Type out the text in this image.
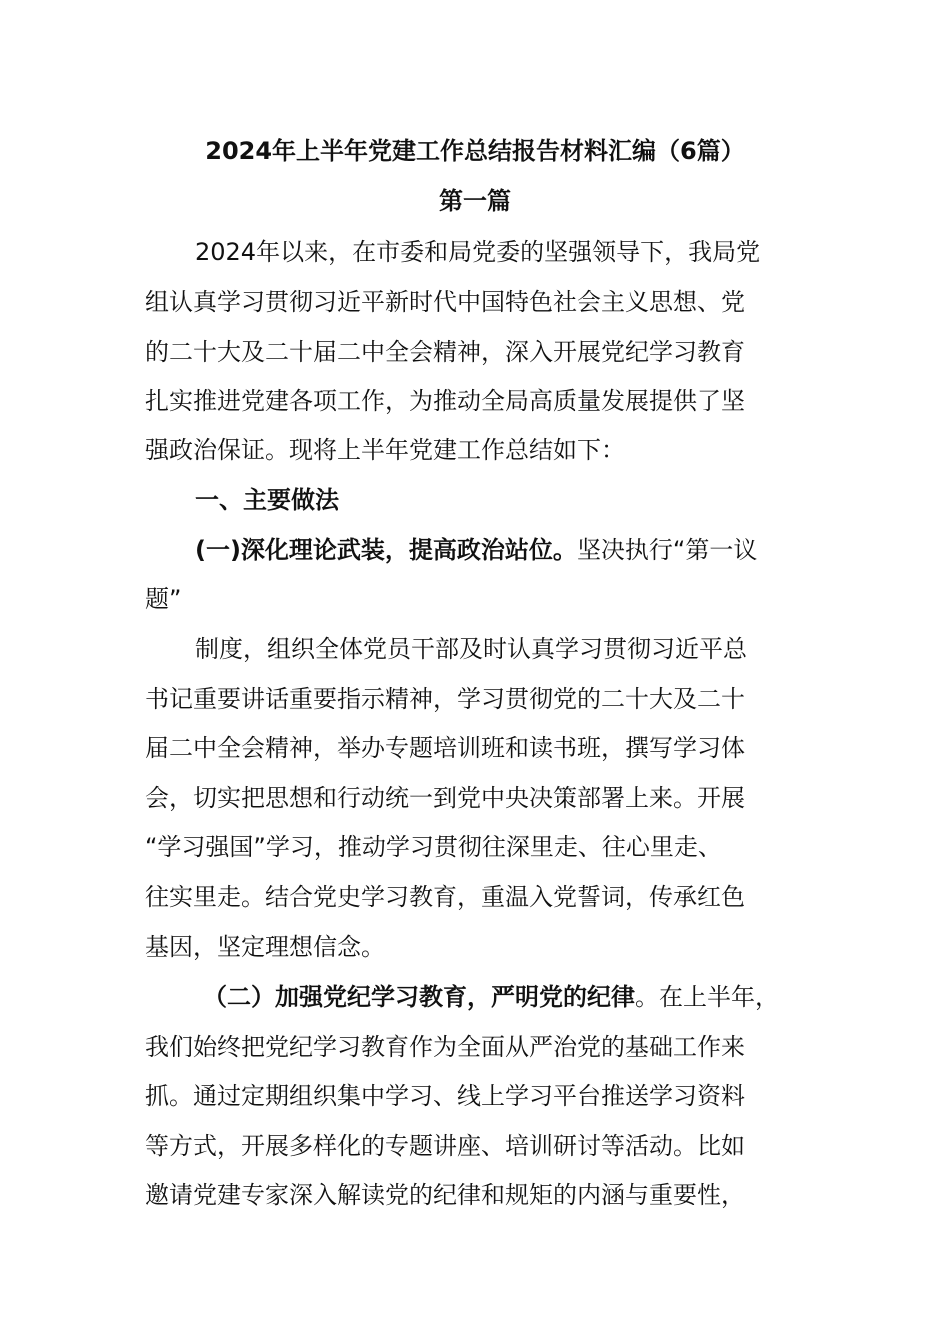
2024年上半年党建工作总结报告材料汇编（6篇）
第一篇
2024年以来，在市委和局党委的坚强领导下，我局党
组认真学习贯彻习近平新时代中国特色社会主义思想、党
的二十大及二十届二中全会精神，深入开展党纪学习教育
扎实推进党建各项工作，为推动全局高质量发展提供了坚
强政治保证。现将上半年党建工作总结如下：
一、主要做法
(一)深化理论武装，提高政治站位。坚决执行“第一议
题”
制度，组织全体党员干部及时认真学习贯彻习近平总
书记重要讲话重要指示精神，学习贯彻党的二十大及二十
届二中全会精神，举办专题培训班和读书班，撰写学习体
会，切实把思想和行动统一到党中央决策部署上来。开展
“学习强国”学习，推动学习贯彻往深里走、往心里走、
往实里走。结合党史学习教育，重温入党誓词，传承红色
基因，坚定理想信念。
（二）加强党纪学习教育，严明党的纪律。在上半年，
我们始终把党纪学习教育作为全面从严治党的基础工作来
抓。通过定期组织集中学习、线上学习平台推送学习资料
等方式，开展多样化的专题讲座、培训研讨等活动。比如
邀请党建专家深入解读党的纪律和规矩的内涵与重要性，
